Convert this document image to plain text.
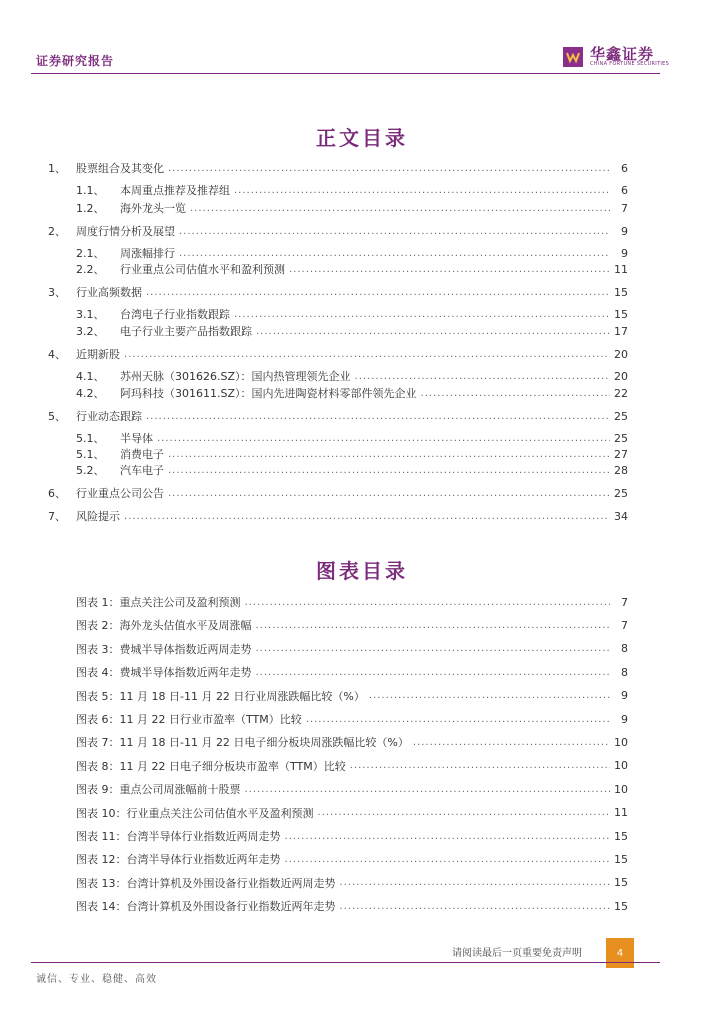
证券研究报告	华鑫证券
CHINA FORTUNE SECURITIES
正文目录
1、 股票组合及其变化 .....	6
1.1、	本周重点推荐及推荐组 .....	6
1.2、	海外龙头一览 .....	7
2、 周度行情分析及展望 .....	9
2.1、	周涨幅排行 .....	9
2.2、	行业重点公司估值水平和盈利预测 .....	11
3、 行业高频数据 .....	15
3.1、	台湾电子行业指数跟踪 .....	15
3.2、	电子行业主要产品指数跟踪 .....	17
4、 近期新股 .....	20
4.1、	苏州天脉（301626.SZ）：国内热管理领先企业 .....	20
4.2、	阿玛科技（301611.SZ）：国内先进陶瓷材料零部件领先企业 .....	22
5、 行业动态跟踪 .....	25
5.1、	半导体 .....	25
5.1、	消费电子 .....	27
5.2、	汽车电子 .....	28
6、 行业重点公司公告 .....	25
7、 风险提示 .....	34
图表目录
图表 1：重点关注公司及盈利预测 .....	7
图表 2：海外龙头估值水平及周涨幅 .....	7
图表 3：费城半导体指数近两周走势 .....	8
图表 4：费城半导体指数近两年走势 .....	8
图表 5：11 月 18 日-11 月 22 日行业周涨跌幅比较（%） .....	9
图表 6：11 月 22 日行业市盈率（TTM）比较 .....	9
图表 7：11 月 18 日-11 月 22 日电子细分板块周涨跌幅比较（%） .....	10
图表 8：11 月 22 日电子细分板块市盈率（TTM）比较 .....	10
图表 9：重点公司周涨幅前十股票 .....	10
图表 10：行业重点关注公司估值水平及盈利预测 .....	11
图表 11：台湾半导体行业指数近两周走势 .....	15
图表 12：台湾半导体行业指数近两年走势 .....	15
图表 13：台湾计算机及外围设备行业指数近两周走势 .....	15
图表 14：台湾计算机及外围设备行业指数近两年走势 .....	15
请阅读最后一页重要免责声明	4
诚信、专业、稳健、高效
